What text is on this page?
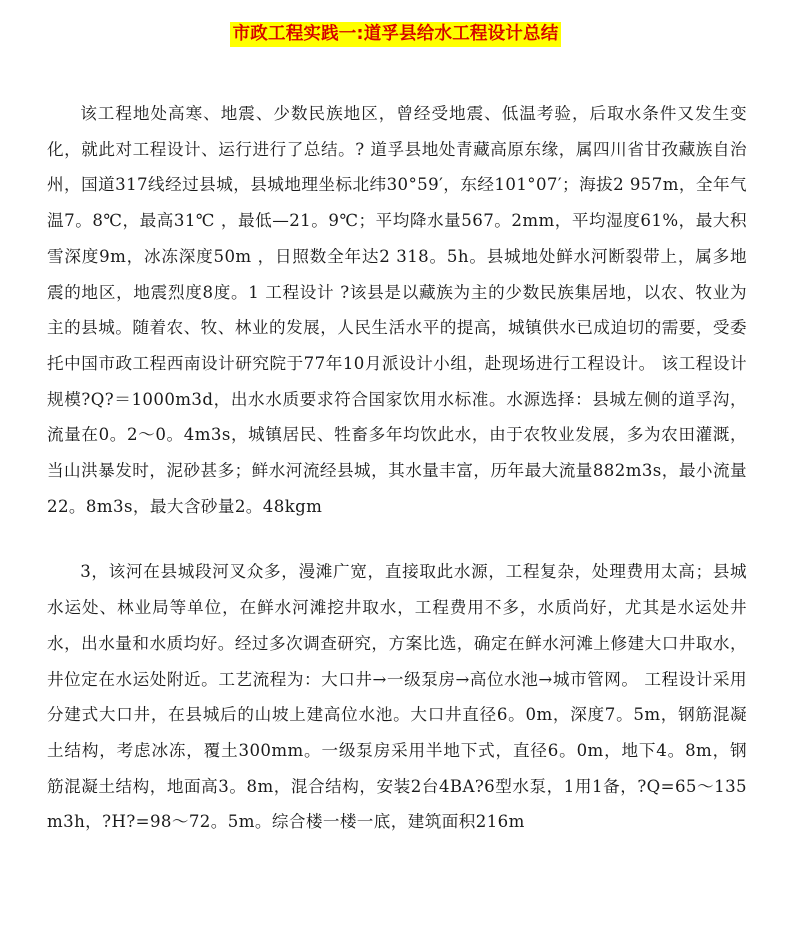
市政工程实践一:道孚县给水工程设计总结

该工程地处高寒、地震、少数民族地区，曾经受地震、低温考验，后取水条件又发生变化，就此对工程设计、运行进行了总结。? 道孚县地处青藏高原东缘，属四川省甘孜藏族自治州，国道317线经过县城，县城地理坐标北纬30°59′，东经101°07′；海拔2 957m，全年气温7。8℃，最高31℃ ，最低—21。9℃；平均降水量567。2mm，平均湿度61%，最大积雪深度9m，冰冻深度50m ，日照数全年达2 318。5h。县城地处鲜水河断裂带上，属多地震的地区，地震烈度8度。1 工程设计 ?该县是以藏族为主的少数民族集居地，以农、牧业为主的县城。随着农、牧、林业的发展，人民生活水平的提高，城镇供水已成迫切的需要，受委托中国市政工程西南设计研究院于77年10月派设计小组，赴现场进行工程设计。 该工程设计规模?Q?＝1000m3d，出水水质要求符合国家饮用水标准。水源选择：县城左侧的道孚沟，流量在0。2～0。4m3s，城镇居民、牲畜多年均饮此水，由于农牧业发展，多为农田灌溉，当山洪暴发时，泥砂甚多；鲜水河流经县城，其水量丰富，历年最大流量882m3s，最小流量22。8m3s，最大含砂量2。48kgm

3，该河在县城段河叉众多，漫滩广宽，直接取此水源，工程复杂，处理费用太高；县城水运处、林业局等单位，在鲜水河滩挖井取水，工程费用不多，水质尚好，尤其是水运处井水，出水量和水质均好。经过多次调查研究，方案比选，确定在鲜水河滩上修建大口井取水，井位定在水运处附近。工艺流程为：大口井→一级泵房→高位水池→城市管网。 工程设计采用分建式大口井，在县城后的山坡上建高位水池。大口井直径6。0m，深度7。5m，钢筋混凝土结构，考虑冰冻，覆土300mm。一级泵房采用半地下式，直径6。0m，地下4。8m，钢筋混凝土结构，地面高3。8m，混合结构，安装2台4BA?6型水泵，1用1备，?Q=65～135m3h，?H?=98～72。5m。综合楼一楼一底，建筑面积216m
